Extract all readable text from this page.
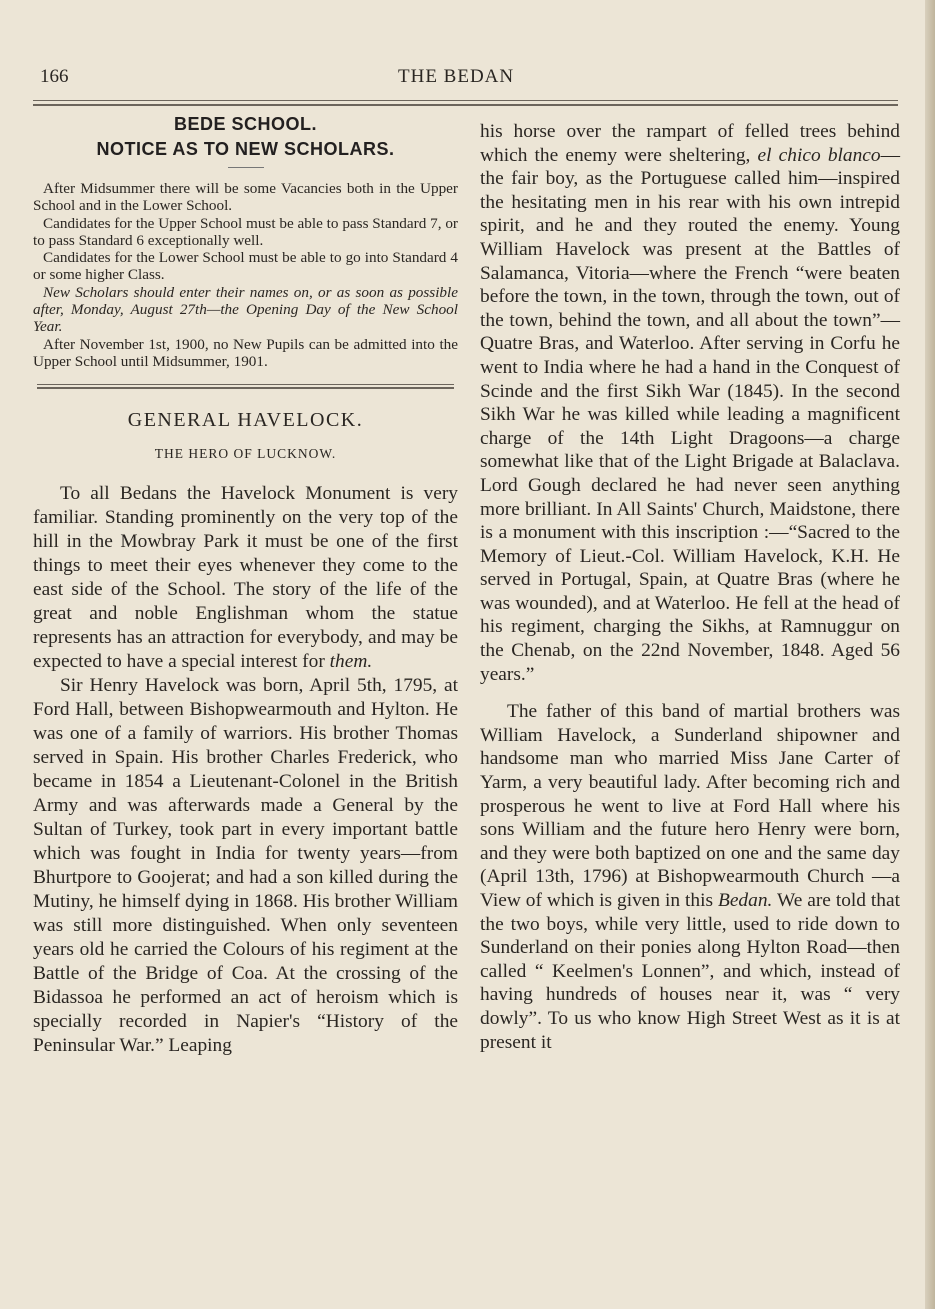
166	THE BEDAN
BEDE SCHOOL.
NOTICE AS TO NEW SCHOLARS.

After Midsummer there will be some Vacancies both in the Upper School and in the Lower School.

Candidates for the Upper School must be able to pass Standard 7, or to pass Standard 6 exceptionally well.

Candidates for the Lower School must be able to go into Standard 4 or some higher Class.

New Scholars should enter their names on, or as soon as possible after, Monday, August 27th—the Opening Day of the New School Year.

After November 1st, 1900, no New Pupils can be admitted into the Upper School until Midsummer, 1901.

GENERAL HAVELOCK.
THE HERO OF LUCKNOW.

To all Bedans the Havelock Monument is very familiar. Standing prominently on the very top of the hill in the Mowbray Park it must be one of the first things to meet their eyes whenever they come to the east side of the School. The story of the life of the great and noble Englishman whom the statue represents has an attraction for everybody, and may be expected to have a special interest for them.

Sir Henry Havelock was born, April 5th, 1795, at Ford Hall, between Bishopwearmouth and Hylton. He was one of a family of warriors. His brother Thomas served in Spain. His brother Charles Frederick, who became in 1854 a Lieutenant-Colonel in the British Army and was afterwards made a General by the Sultan of Turkey, took part in every important battle which was fought in India for twenty years—from Bhurtpore to Goojerat; and had a son killed during the Mutiny, he himself dying in 1868. His brother William was still more distinguished. When only seventeen years old he carried the Colours of his regiment at the Battle of the Bridge of Coa. At the crossing of the Bidassoa he performed an act of heroism which is specially recorded in Napier's “History of the Peninsular War.” Leaping

his horse over the rampart of felled trees behind which the enemy were sheltering, el chico blanco—the fair boy, as the Portuguese called him—inspired the hesitating men in his rear with his own intrepid spirit, and he and they routed the enemy. Young William Havelock was present at the Battles of Salamanca, Vitoria—where the French “were beaten before the town, in the town, through the town, out of the town, behind the town, and all about the town”—Quatre Bras, and Waterloo. After serving in Corfu he went to India where he had a hand in the Conquest of Scinde and the first Sikh War (1845). In the second Sikh War he was killed while leading a magnificent charge of the 14th Light Dragoons—a charge somewhat like that of the Light Brigade at Balaclava. Lord Gough declared he had never seen anything more brilliant. In All Saints' Church, Maidstone, there is a monument with this inscription :—“Sacred to the Memory of Lieut.-Col. William Havelock, K.H. He served in Portugal, Spain, at Quatre Bras (where he was wounded), and at Waterloo. He fell at the head of his regiment, charging the Sikhs, at Ramnuggur on the Chenab, on the 22nd November, 1848. Aged 56 years.”

The father of this band of martial brothers was William Havelock, a Sunderland shipowner and handsome man who married Miss Jane Carter of Yarm, a very beautiful lady. After becoming rich and prosperous he went to live at Ford Hall where his sons William and the future hero Henry were born, and they were both baptized on one and the same day (April 13th, 1796) at Bishopwearmouth Church —a View of which is given in this Bedan. We are told that the two boys, while very little, used to ride down to Sunderland on their ponies along Hylton Road—then called “ Keelmen's Lonnen”, and which, instead of having hundreds of houses near it, was “ very dowly”. To us who know High Street West as it is at present it
